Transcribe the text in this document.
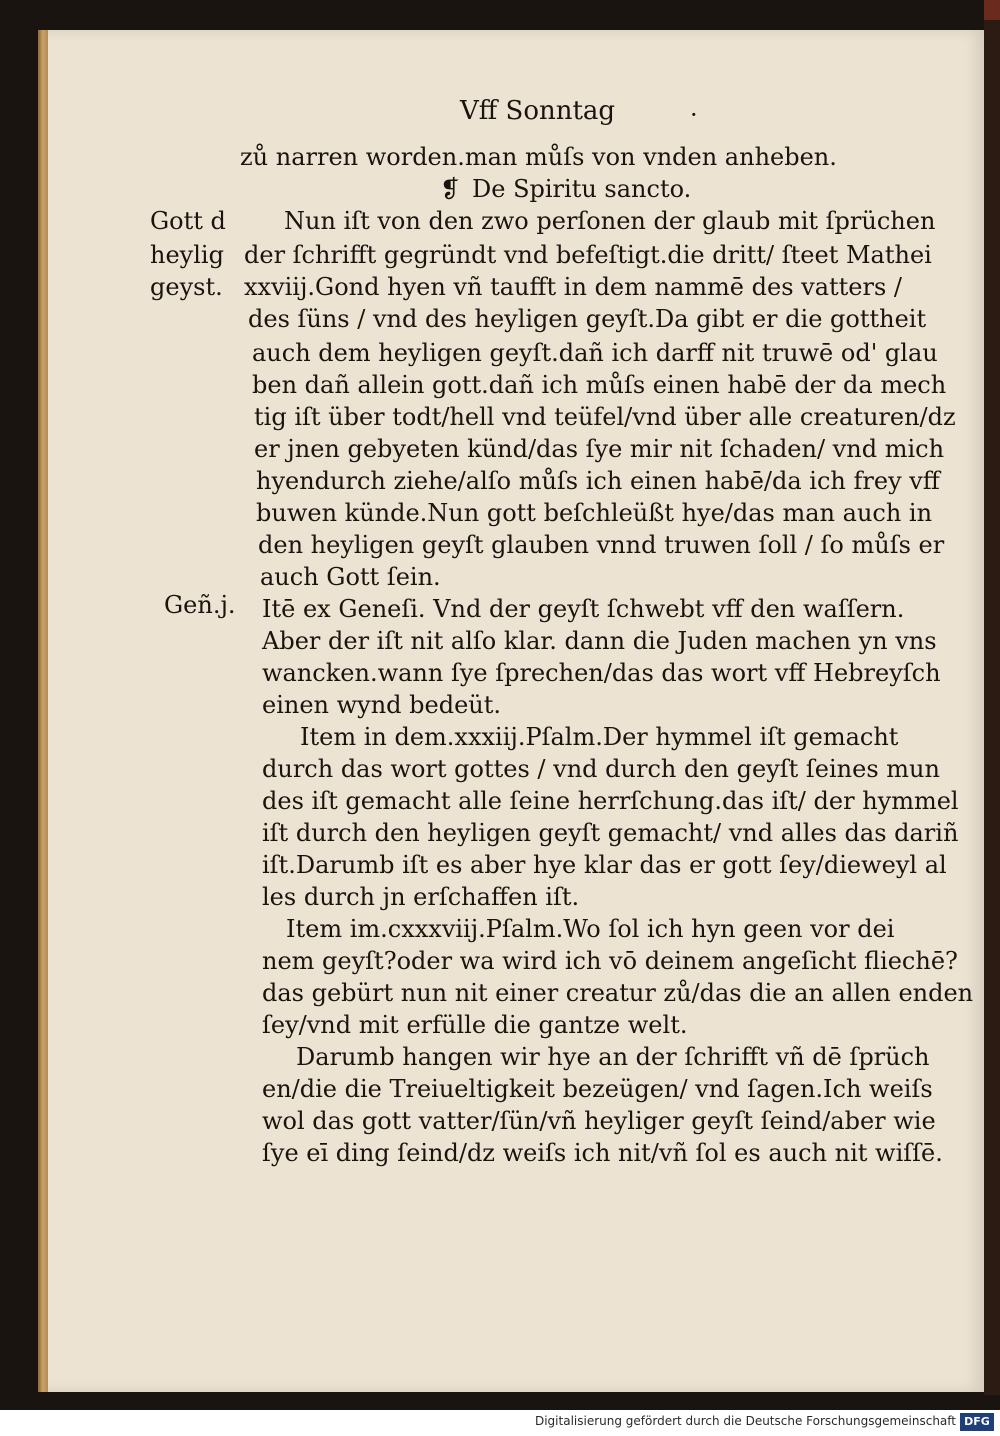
Vff Sonntag	·

zů narren worden.man můſs von vnden anheben.

❡ De Spiritu sancto.

Gott d

heylig

geyst.

Geñ.j.

Nun iſt von den zwo perſonen der glaub mit ſprüchen

der ſchrifft gegründt vnd befeſtigt.die dritt/ ſteet Mathei

xxviij.Gond hyen vñ taufft in dem nammē des vatters /

des ſüns / vnd des heyligen geyſt.Da gibt er die gottheit

auch dem heyligen geyſt.dañ ich darff nit truwē od' glau

ben dañ allein gott.dañ ich můſs einen habē der da mech

tig iſt über todt/hell vnd teüfel/vnd über alle creaturen/dz

er jnen gebyeten künd/das ſye mir nit ſchaden/ vnd mich

hyendurch ziehe/alſo můſs ich einen habē/da ich frey vff

buwen künde.Nun gott beſchleüßt hye/das man auch in

den heyligen geyſt glauben vnnd truwen ſoll / ſo můſs er

auch Gott ſein.

Itē ex Geneſi. Vnd der geyſt ſchwebt vff den waſſern.

Aber der iſt nit alſo klar. dann die Juden machen yn vns

wancken.wann ſye ſprechen/das das wort vff Hebreyſch

einen wynd bedeüt.

Item in dem.xxxiij.Pſalm.Der hymmel iſt gemacht

durch das wort gottes / vnd durch den geyſt ſeines mun

des iſt gemacht alle ſeine herrſchung.das iſt/ der hymmel

iſt durch den heyligen geyſt gemacht/ vnd alles das dariñ

iſt.Darumb iſt es aber hye klar das er gott ſey/dieweyl al

les durch jn erſchaffen iſt.

Item im.cxxxviij.Pſalm.Wo ſol ich hyn geen vor dei

nem geyſt?oder wa wird ich vō deinem angeſicht fliechē?

das gebürt nun nit einer creatur zů/das die an allen enden

ſey/vnd mit erfülle die gantze welt.

Darumb hangen wir hye an der ſchrifft vñ dē ſprüch

en/die die Treiueltigkeit bezeügen/ vnd ſagen.Ich weiſs

wol das gott vatter/ſün/vñ heyliger geyſt ſeind/aber wie

ſye eī ding ſeind/dz weiſs ich nit/vñ ſol es auch nit wiſſē.

Digitalisierung gefördert durch die Deutsche Forschungsgemeinschaft DFG
